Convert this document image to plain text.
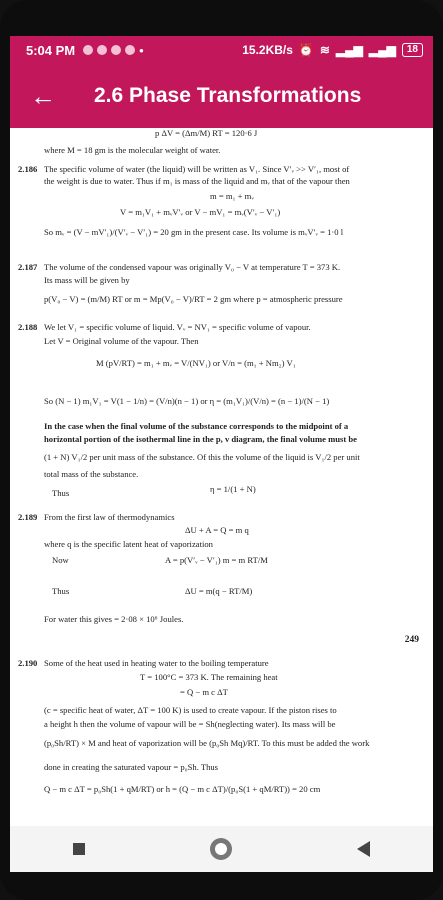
5:04 PM	•	15.2KB/s ⏰ ≋ ▂▄▆ ▂▄▆	18
←	2.6 Phase Transformations
p ΔV = (Δm/M) RT = 120·6 J
where M = 18 gm is the molecular weight of water.
2.186 The specific volume of water (the liquid) will be written as V₁. Since V′ᵥ >> V′₁, most of
the weight is due to water. Thus if m₁ is mass of the liquid and mᵥ that of the vapour then
m = m₁ + mᵥ
V = m₁V₁ + mᵥV′ᵥ or V − mV₁ = mᵥ(V′ᵥ − V′₁)
So mᵥ = (V − mV′₁)/(V′ᵥ − V′₁) = 20 gm in the present case. Its volume is mᵥV′ᵥ = 1·0 l
2.187 The volume of the condensed vapour was originally V₀ − V at temperature T = 373 K.
Its mass will be given by
p(V₀ − V) = (m/M) RT or m = Mp(V₀ − V)/RT = 2 gm where p = atmospheric pressure
2.188 We let V₁ = specific volume of liquid. Vᵥ = NV₁ = specific volume of vapour.
Let V = Original volume of the vapour. Then
M (pV/RT) = m₁ + mᵥ = V/(NV₁) or V/n = (m₁ + Nm₂) V₁
So (N − 1) m₁V₁ = V(1 − 1/n) = (V/n)(n − 1) or η = (m₁V₁)/(V/n) = (n − 1)/(N − 1)
In the case when the final volume of the substance corresponds to the midpoint of a
horizontal portion of the isothermal line in the p, v diagram, the final volume must be
(1 + N) V₁/2 per unit mass of the substance. Of this the volume of the liquid is V₁/2 per unit
total mass of the substance.
Thus	η = 1/(1 + N)
2.189 From the first law of thermodynamics
ΔU + A = Q = m q
where q is the specific latent heat of vaporization
Now	A = p(V′ᵥ − V′₁) m = m RT/M
Thus	ΔU = m(q − RT/M)
For water this gives = 2·08 × 10⁶ Joules.
249
2.190 Some of the heat used in heating water to the boiling temperature
T = 100°C = 373 K. The remaining heat
= Q − m c ΔT
(c = specific heat of water, ΔT = 100 K) is used to create vapour. If the piston rises to
a height h then the volume of vapour will be = Sh(neglecting water). Its mass will be
(p₀Sh/RT) × M and heat of vaporization will be (p₀Sh Mq)/RT. To this must be added the work
done in creating the saturated vapour = p₀Sh. Thus
Q − m c ΔT = p₀Sh(1 + qM/RT) or h = (Q − m c ΔT)/(p₀S(1 + qM/RT)) = 20 cm
